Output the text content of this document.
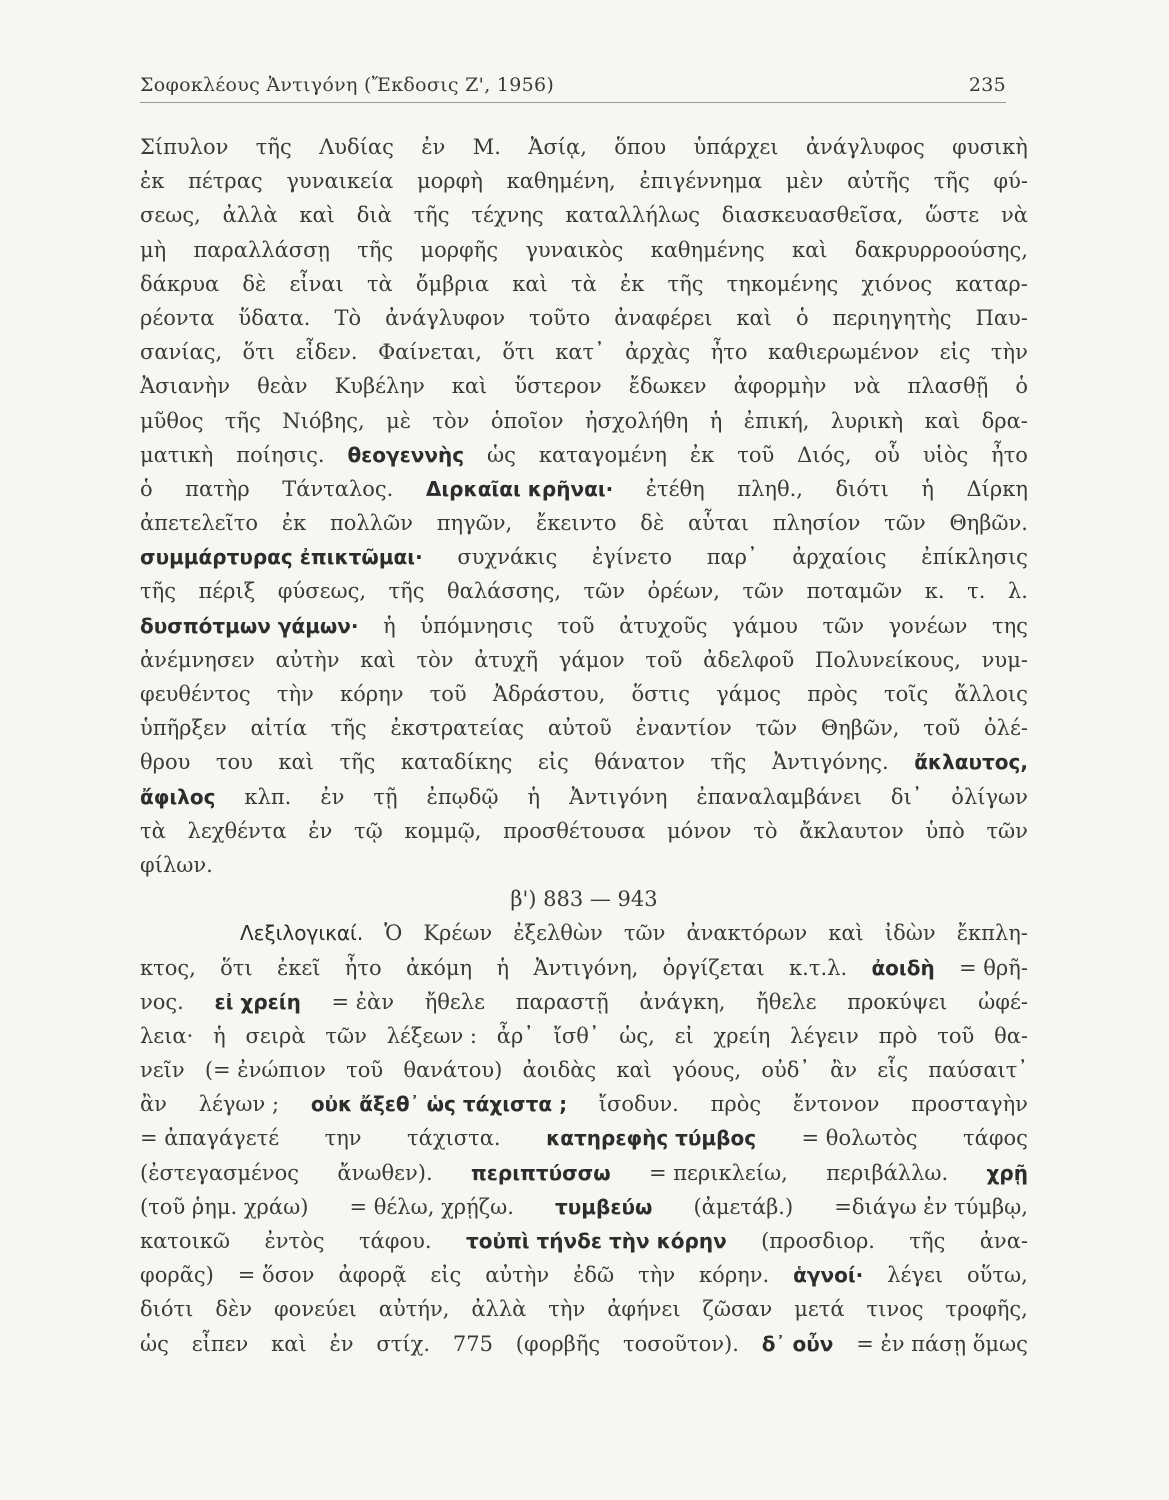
Σοφοκλέους Ἀντιγόνη (Ἔκδοσις Ζ', 1956)	235
Σίπυλον τῆς Λυδίας ἐν Μ. Ἀσίᾳ, ὅπου ὑπάρχει ἀνάγλυφος φυσικὴ
ἐκ πέτρας γυναικεία μορφὴ καθημένη, ἐπιγέννημα μὲν αὐτῆς τῆς φύ-
σεως, ἀλλὰ καὶ διὰ τῆς τέχνης καταλλήλως διασκευασθεῖσα, ὥστε νὰ
μὴ παραλλάσσῃ τῆς μορφῆς γυναικὸς καθημένης καὶ δακρυρροούσης,
δάκρυα δὲ εἶναι τὰ ὄμβρια καὶ τὰ ἐκ τῆς τηκομένης χιόνος καταρ-
ρέοντα ὕδατα. Τὸ ἀνάγλυφον τοῦτο ἀναφέρει καὶ ὁ περιηγητὴς Παυ-
σανίας, ὅτι εἶδεν. Φαίνεται, ὅτι κατ᾽ ἀρχὰς ἦτο καθιερωμένον εἰς τὴν
Ἀσιανὴν θεὰν Κυβέλην καὶ ὕστερον ἔδωκεν ἀφορμὴν νὰ πλασθῇ ὁ
μῦθος τῆς Νιόβης, μὲ τὸν ὁποῖον ἠσχολήθη ἡ ἐπική, λυρικὴ καὶ δρα-
ματικὴ ποίησις. θεογεννὴς ὡς καταγομένη ἐκ τοῦ Διός, οὗ υἱὸς ἦτο
ὁ πατὴρ Τάνταλος. Διρκαῖαι κρῆναι· ἐτέθη πληθ., διότι ἡ Δίρκη
ἀπετελεῖτο ἐκ πολλῶν πηγῶν, ἔκειντο δὲ αὗται πλησίον τῶν Θηβῶν.
συμμάρτυρας ἐπικτῶμαι· συχνάκις ἐγίνετο παρ᾽ ἀρχαίοις ἐπίκλησις
τῆς πέριξ φύσεως, τῆς θαλάσσης, τῶν ὀρέων, τῶν ποταμῶν κ. τ. λ.
δυσπότμων γάμων· ἡ ὑπόμνησις τοῦ ἀτυχοῦς γάμου τῶν γονέων της
ἀνέμνησεν αὐτὴν καὶ τὸν ἀτυχῆ γάμον τοῦ ἀδελφοῦ Πολυνείκους, νυμ-
φευθέντος τὴν κόρην τοῦ Ἀδράστου, ὅστις γάμος πρὸς τοῖς ἄλλοις
ὑπῆρξεν αἰτία τῆς ἐκστρατείας αὐτοῦ ἐναντίον τῶν Θηβῶν, τοῦ ὀλέ-
θρου του καὶ τῆς καταδίκης εἰς θάνατον τῆς Ἀντιγόνης. ἄκλαυτος,
ἄφιλος κλπ. ἐν τῇ ἐπῳδῷ ἡ Ἀντιγόνη ἐπαναλαμβάνει δι᾽ ὀλίγων
τὰ λεχθέντα ἐν τῷ κομμῷ, προσθέτουσα μόνον τὸ ἄκλαυτον ὑπὸ τῶν
φίλων.
β') 883 — 943
Λεξιλογικαί. Ὁ Κρέων ἐξελθὼν τῶν ἀνακτόρων καὶ ἰδὼν ἔκπλη-
κτος, ὅτι ἐκεῖ ἦτο ἀκόμη ἡ Ἀντιγόνη, ὀργίζεται κ.τ.λ. ἀοιδὴ = θρῆ-
νος. εἰ χρείη = ἐὰν ἤθελε παραστῇ ἀνάγκη, ἤθελε προκύψει ὠφέ-
λεια· ἡ σειρὰ τῶν λέξεων : ἆρ᾽ ἴσθ᾽ ὡς, εἰ χρείη λέγειν πρὸ τοῦ θα-
νεῖν (= ἐνώπιον τοῦ θανάτου) ἀοιδὰς καὶ γόους, οὐδ᾽ ἂν εἷς παύσαιτ᾽
ἂν λέγων ; οὐκ ἄξεθ᾽ ὡς τάχιστα ; ἴσοδυν. πρὸς ἔντονον προσταγὴν
= ἀπαγάγετέ την τάχιστα. κατηρεφὴς τύμβος = θολωτὸς τάφος
(ἐστεγασμένος ἄνωθεν). περιπτύσσω = περικλείω, περιβάλλω. χρῇ
(τοῦ ῥημ. χράω) = θέλω, χρῄζω. τυμβεύω (ἀμετάβ.) =διάγω ἐν τύμβῳ,
κατοικῶ ἐντὸς τάφου. τοὐπὶ τήνδε τὴν κόρην (προσδιορ. τῆς ἀνα-
φορᾶς) = ὅσον ἀφορᾷ εἰς αὐτὴν ἐδῶ τὴν κόρην. ἁγνοί· λέγει οὕτω,
διότι δὲν φονεύει αὐτήν, ἀλλὰ τὴν ἀφήνει ζῶσαν μετά τινος τροφῆς,
ὡς εἶπεν καὶ ἐν στίχ. 775 (φορβῆς τοσοῦτον). δ᾽ οὖν = ἐν πάσῃ ὅμως
